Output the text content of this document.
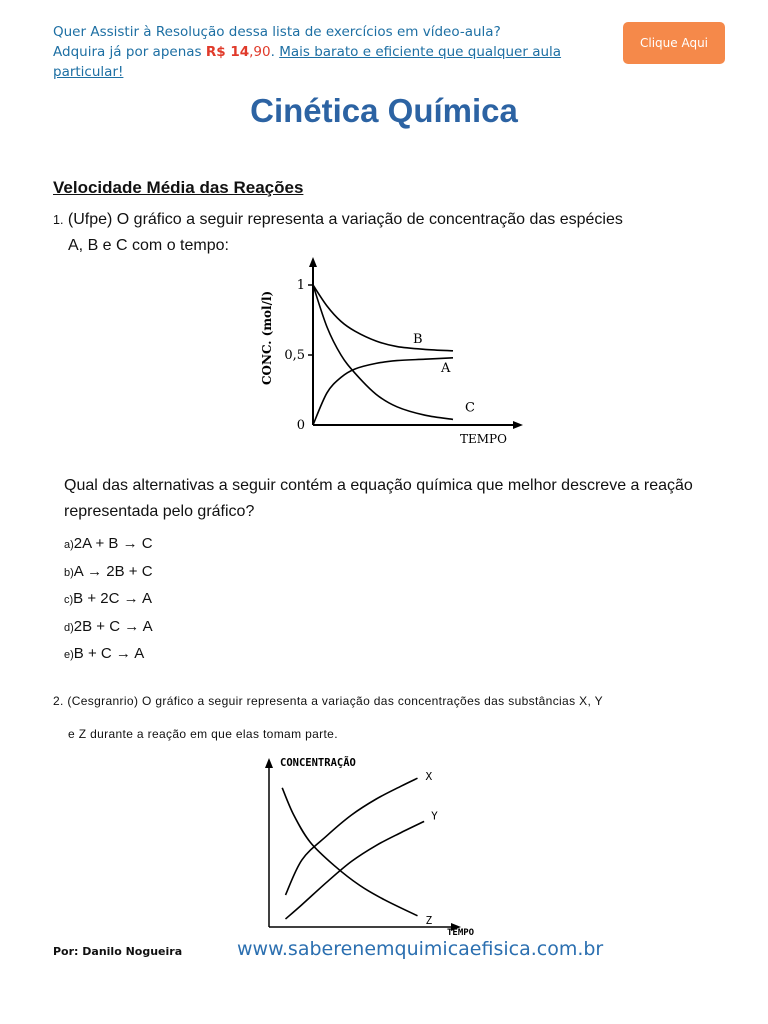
Quer Assistir à Resolução dessa lista de exercícios em vídeo-aula?
Adquira já por apenas R$ 14,90. Mais barato e eficiente que qualquer aula particular!
Clique Aqui
Cinética Química
Velocidade Média das Reações
1. (Ufpe) O gráfico a seguir representa a variação de concentração das espécies
A, B e C com o tempo:
0
0,5
1
B
A
C
CONC. (mol/l)
TEMPO
Qual das alternativas a seguir contém a equação química que melhor descreve a reação representada pelo gráfico?
a)2A + B → C
b)A → 2B + C
c)B + 2C → A
d)2B + C → A
e)B + C → A
2. (Cesgranrio) O gráfico a seguir representa a variação das concentrações das substâncias X, Y
e Z durante a reação em que elas tomam parte.
X
Y
Z
CONCENTRAÇÃO
TEMPO
Por: Danilo Nogueira	www.saberenemquimicaefisica.com.br
